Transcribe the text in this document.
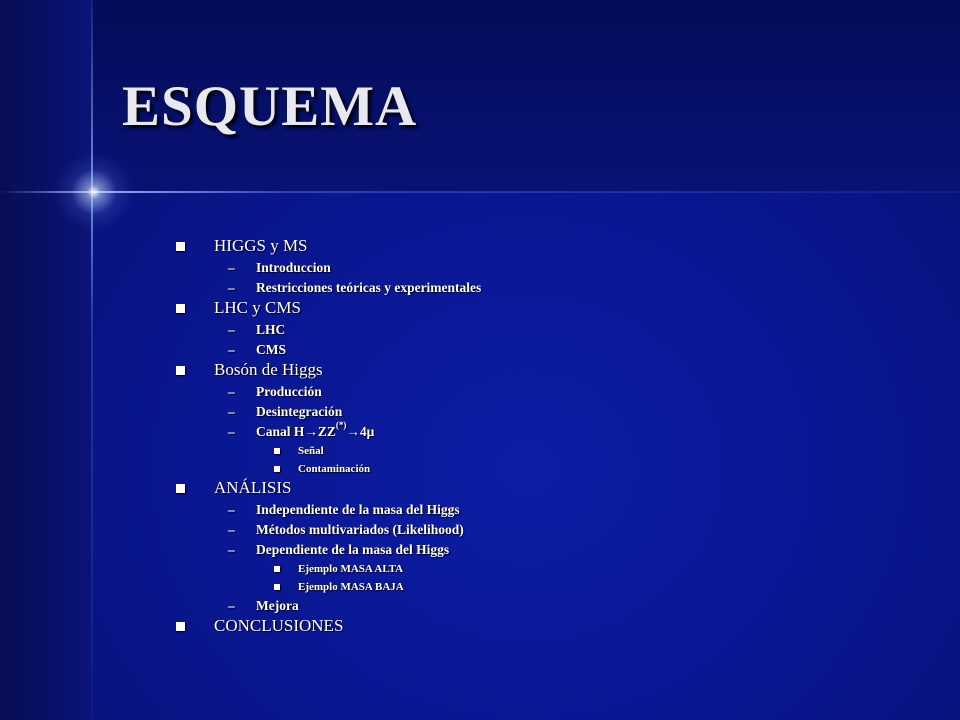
ESQUEMA
HIGGS y MS
– Introduccion
– Restricciones teóricas y experimentales
LHC y CMS
– LHC
– CMS
Bosón de Higgs
– Producción
– Desintegración
– Canal H→ZZ(*)→4μ
Señal
Contaminación
ANÁLISIS
– Independiente de la masa del Higgs
– Métodos multivariados (Likelihood)
– Dependiente de la masa del Higgs
Ejemplo MASA ALTA
Ejemplo MASA BAJA
– Mejora
CONCLUSIONES
